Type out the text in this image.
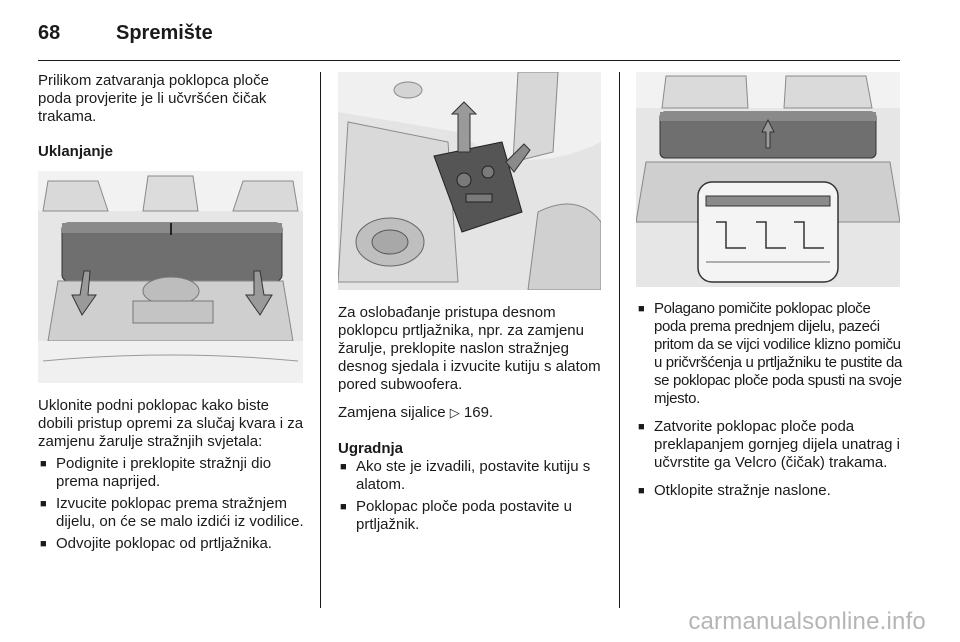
68	Spremište

Prilikom zatvaranja poklopca ploče poda provjerite je li učvršćen čičak trakama.

Uklanjanje

Uklonite podni poklopac kako biste dobili pristup opremi za slučaj kvara i za zamjenu žarulje stražnjih svjetala:

■ Podignite i preklopite stražnji dio prema naprijed.
■ Izvucite poklopac prema stražnjem dijelu, on će se malo izdići iz vodilice.
■ Odvojite poklopac od prtljažnika.

Za oslobađanje pristupa desnom poklopcu prtljažnika, npr. za zamjenu žarulje, preklopite naslon stražnjeg desnog sjedala i izvucite kutiju s alatom pored subwoofera.

Zamjena sijalice ▷ 169.

Ugradnja

■ Ako ste je izvadili, postavite kutiju s alatom.
■ Poklopac ploče poda postavite u prtljažnik.
■ Polagano pomičite poklopac ploče poda prema prednjem dijelu, pazeći pritom da se vijci vodilice klizno pomiču u pričvršćenja u prtljažniku te pustite da se poklopac ploče poda spusti na svoje mjesto.
■ Zatvorite poklopac ploče poda preklapanjem gornjeg dijela unatrag i učvrstite ga Velcro (čičak) trakama.
■ Otklopite stražnje naslone.
carmanualsonline.info
